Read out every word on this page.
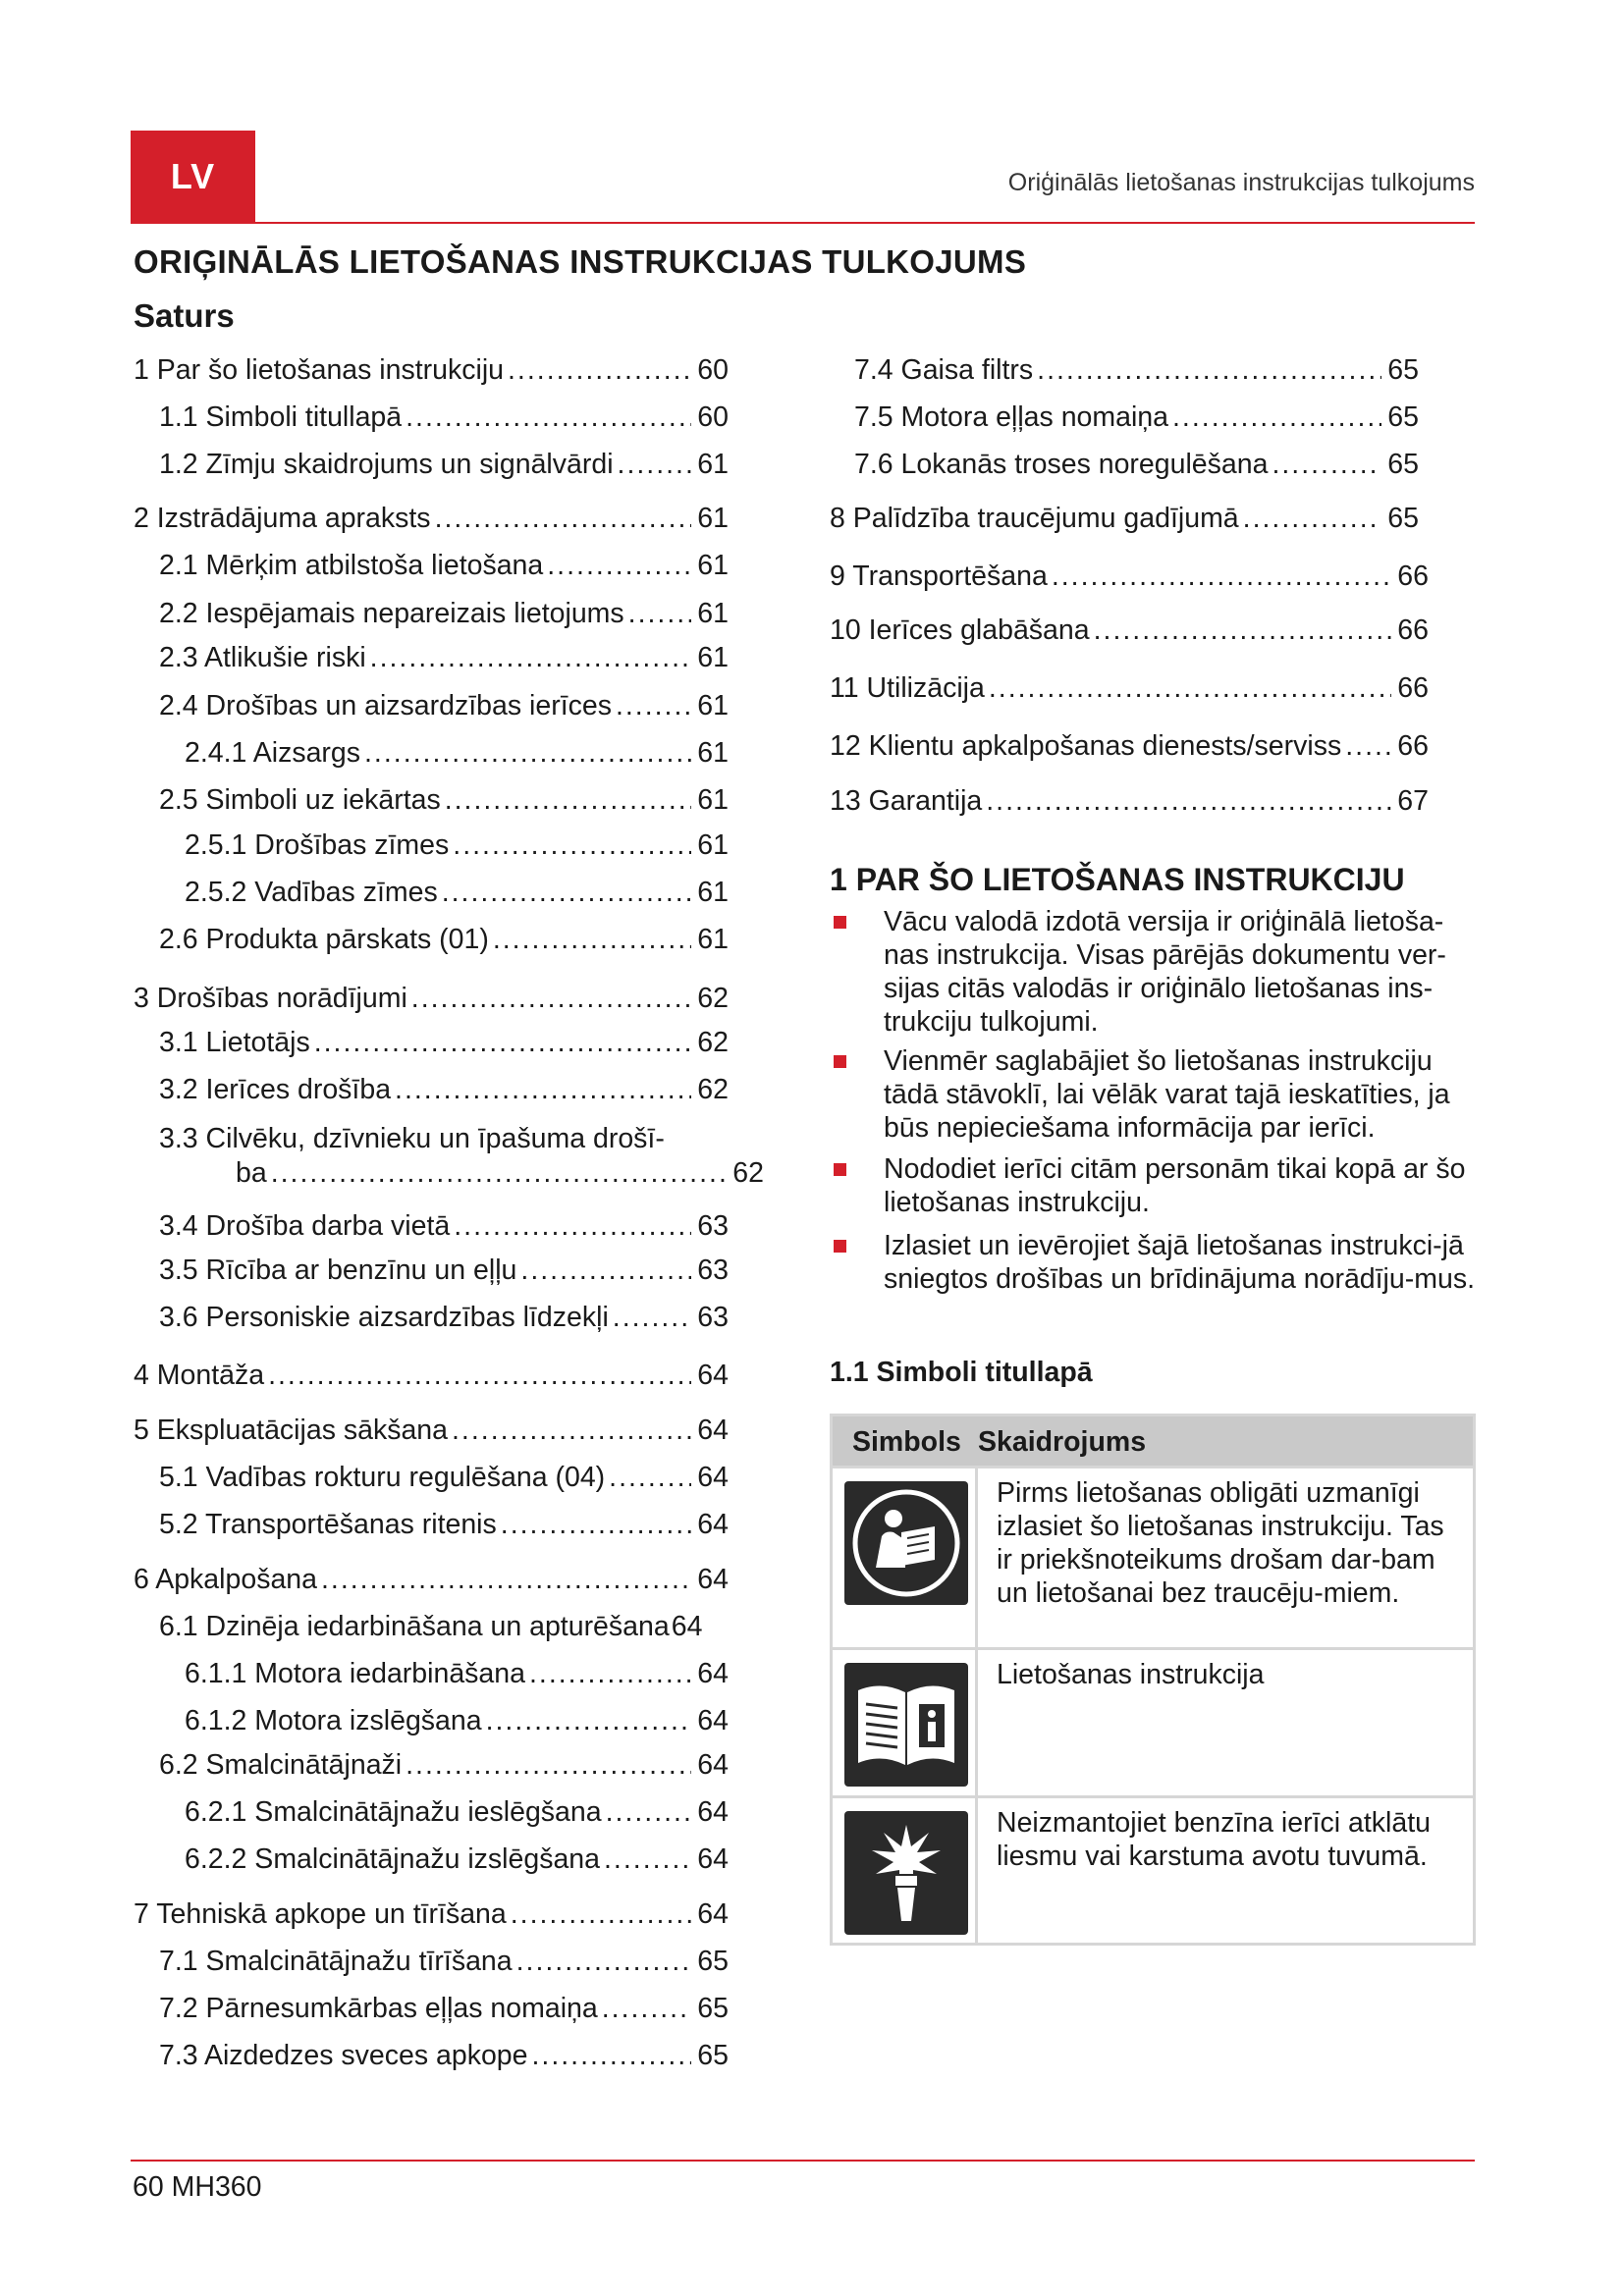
LV	Oriģinālās lietošanas instrukcijas tulkojums
ORIĢINĀLĀS LIETOŠANAS INSTRUKCIJAS TULKOJUMS
Saturs
1 Par šo lietošanas instrukciju .....	60
1.1 Simboli titullapā .....	60
1.2 Zīmju skaidrojums un signālvārdi .....	61
2 Izstrādājuma apraksts .....	61
2.1 Mērķim atbilstoša lietošana .....	61
2.2 Iespējamais nepareizais lietojums .....	61
2.3 Atlikušie riski .....	61
2.4 Drošības un aizsardzības ierīces .....	61
2.4.1 Aizsargs .....	61
2.5 Simboli uz iekārtas .....	61
2.5.1 Drošības zīmes .....	61
2.5.2 Vadības zīmes .....	61
2.6 Produkta pārskats (01) .....	61
3 Drošības norādījumi .....	62
3.1 Lietotājs .....	62
3.2 Ierīces drošība .....	62
3.3 Cilvēku, dzīvnieku un īpašuma drošī-
ba .....	62
3.4 Drošība darba vietā .....	63
3.5 Rīcība ar benzīnu un eļļu .....	63
3.6 Personiskie aizsardzības līdzekļi .....	63
4 Montāža .....	64
5 Ekspluatācijas sākšana .....	64
5.1 Vadības rokturu regulēšana (04) .....	64
5.2 Transportēšanas ritenis .....	64
6 Apkalpošana .....	64
6.1 Dzinēja iedarbināšana un apturēšana 64
6.1.1 Motora iedarbināšana .....	64
6.1.2 Motora izslēgšana .....	64
6.2 Smalcinātājnaži .....	64
6.2.1 Smalcinātājnažu ieslēgšana .....	64
6.2.2 Smalcinātājnažu izslēgšana .....	64
7 Tehniskā apkope un tīrīšana .....	64
7.1 Smalcinātājnažu tīrīšana .....	65
7.2 Pārnesumkārbas eļļas nomaiņa .....	65
7.3 Aizdedzes sveces apkope .....	65
7.4 Gaisa filtrs .....	65
7.5 Motora eļļas nomaiņa .....	65
7.6 Lokanās troses noregulēšana .....	65
8 Palīdzība traucējumu gadījumā .....	65
9 Transportēšana .....	66
10 Ierīces glabāšana .....	66
11 Utilizācija .....	66
12 Klientu apkalpošanas dienests/serviss ..... 66
13 Garantija .....	67
1 PAR ŠO LIETOŠANAS INSTRUKCIJU
Vācu valodā izdotā versija ir oriģinālā lietoša-nas instrukcija. Visas pārējās dokumentu ver-sijas citās valodās ir oriģinālo lietošanas ins-trukciju tulkojumi.
Vienmēr saglabājiet šo lietošanas instrukciju tādā stāvoklī, lai vēlāk varat tajā ieskatīties, ja būs nepieciešama informācija par ierīci.
Nododiet ierīci citām personām tikai kopā ar šo lietošanas instrukciju.
Izlasiet un ievērojiet šajā lietošanas instrukci-jā sniegtos drošības un brīdinājuma norādīju-mus.
1.1 Simboli titullapā
Simbols Skaidrojums
Pirms lietošanas obligāti uzmanīgi izlasiet šo lietošanas instrukciju. Tas ir priekšnoteikums drošam dar-bam un lietošanai bez traucēju-miem.
Lietošanas instrukcija
Neizmantojiet benzīna ierīci atklātu liesmu vai karstuma avotu tuvumā.
60 MH360
